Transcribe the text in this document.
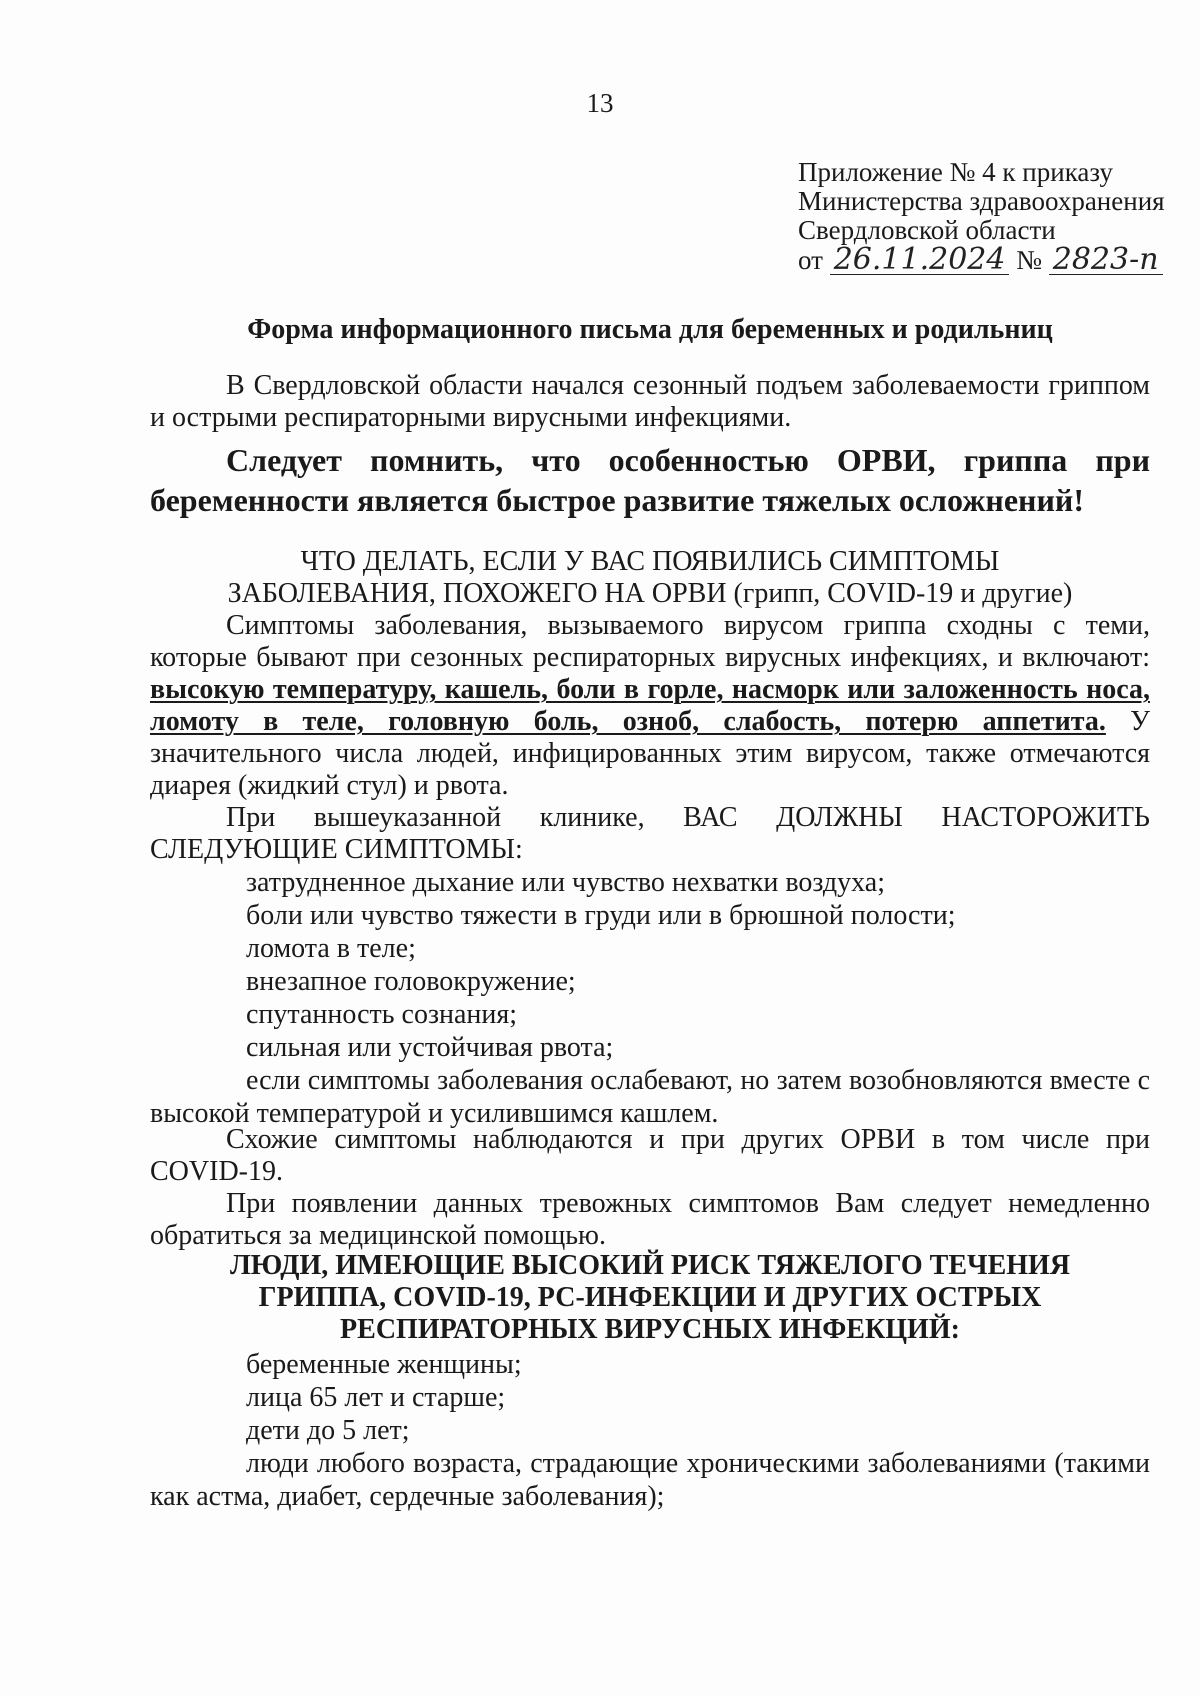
13
Приложение № 4 к приказу
Министерства здравоохранения
Свердловской области
от 26.11.2024 № 2823-п
Форма информационного письма для беременных и родильниц
В Свердловской области начался сезонный подъем заболеваемости гриппом и острыми респираторными вирусными инфекциями.
Следует помнить, что особенностью ОРВИ, гриппа при беременности является быстрое развитие тяжелых осложнений!
ЧТО ДЕЛАТЬ, ЕСЛИ У ВАС ПОЯВИЛИСЬ СИМПТОМЫ
ЗАБОЛЕВАНИЯ, ПОХОЖЕГО НА ОРВИ (грипп, COVID-19 и другие)
Симптомы заболевания, вызываемого вирусом гриппа сходны с теми, которые бывают при сезонных респираторных вирусных инфекциях, и включают: высокую температуру, кашель, боли в горле, насморк или заложенность носа, ломоту в теле, головную боль, озноб, слабость, потерю аппетита. У значительного числа людей, инфицированных этим вирусом, также отмечаются диарея (жидкий стул) и рвота.
При вышеуказанной клинике, ВАС ДОЛЖНЫ НАСТОРОЖИТЬ СЛЕДУЮЩИЕ СИМПТОМЫ:
затрудненное дыхание или чувство нехватки воздуха;
боли или чувство тяжести в груди или в брюшной полости;
ломота в теле;
внезапное головокружение;
спутанность сознания;
сильная или устойчивая рвота;
если симптомы заболевания ослабевают, но затем возобновляются вместе с высокой температурой и усилившимся кашлем.
Схожие симптомы наблюдаются и при других ОРВИ в том числе при COVID-19.
При появлении данных тревожных симптомов Вам следует немедленно обратиться за медицинской помощью.
ЛЮДИ, ИМЕЮЩИЕ ВЫСОКИЙ РИСК ТЯЖЕЛОГО ТЕЧЕНИЯ
ГРИППА, COVID-19, РС-ИНФЕКЦИИ И ДРУГИХ ОСТРЫХ
РЕСПИРАТОРНЫХ ВИРУСНЫХ ИНФЕКЦИЙ:
беременные женщины;
лица 65 лет и старше;
дети до 5 лет;
люди любого возраста, страдающие хроническими заболеваниями (такими как астма, диабет, сердечные заболевания);
